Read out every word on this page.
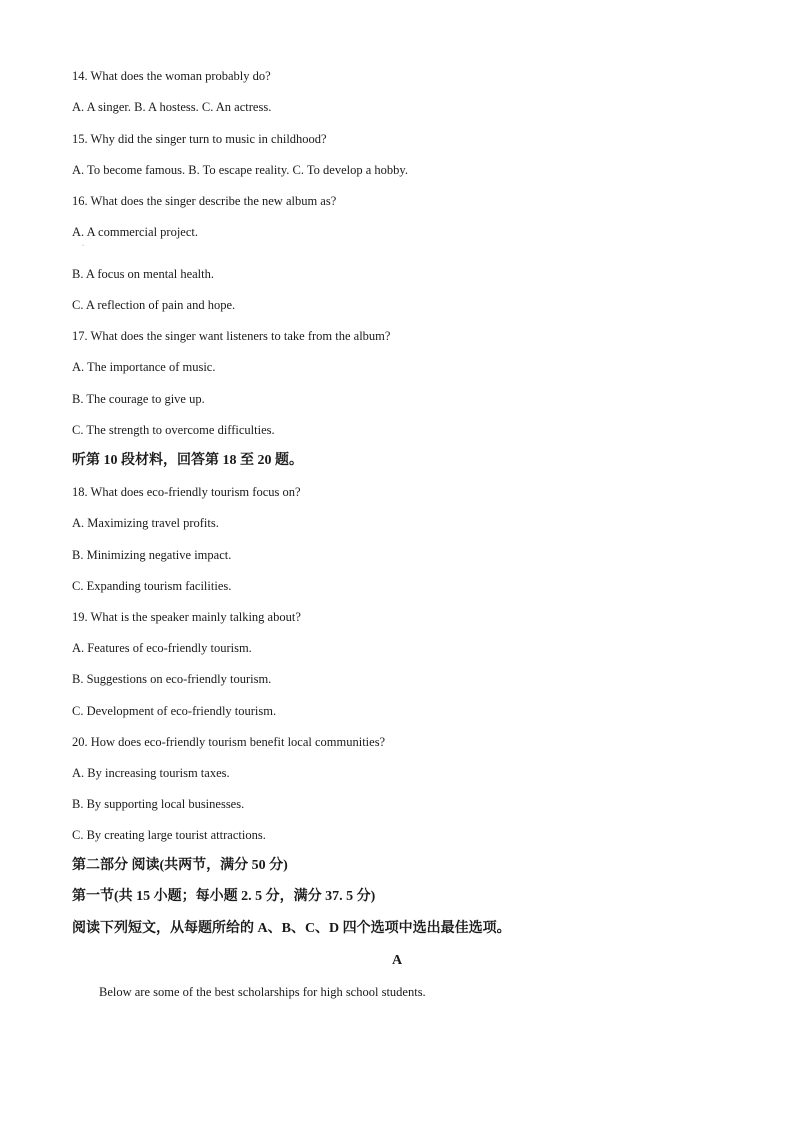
14. What does the woman probably do?
A. A singer. B. A hostess. C. An actress.
15. Why did the singer turn to music in childhood?
A. To become famous. B. To escape reality. C. To develop a hobby.
16. What does the singer describe the new album as?
A. A commercial project.
·
B. A focus on mental health.
C. A reflection of pain and hope.
17. What does the singer want listeners to take from the album?
A. The importance of music.
B. The courage to give up.
C. The strength to overcome difficulties.
听第 10 段材料，回答第 18 至 20 题。
18. What does eco-friendly tourism focus on?
A. Maximizing travel profits.
B. Minimizing negative impact.
C. Expanding tourism facilities.
19. What is the speaker mainly talking about?
A. Features of eco-friendly tourism.
B. Suggestions on eco-friendly tourism.
C. Development of eco-friendly tourism.
20. How does eco-friendly tourism benefit local communities?
A. By increasing tourism taxes.
B. By supporting local businesses.
C. By creating large tourist attractions.
第二部分 阅读(共两节，满分 50 分)
第一节(共 15 小题；每小题 2. 5 分，满分 37. 5 分)
阅读下列短文，从每题所给的 A、B、C、D 四个选项中选出最佳选项。
A
Below are some of the best scholarships for high school students.
